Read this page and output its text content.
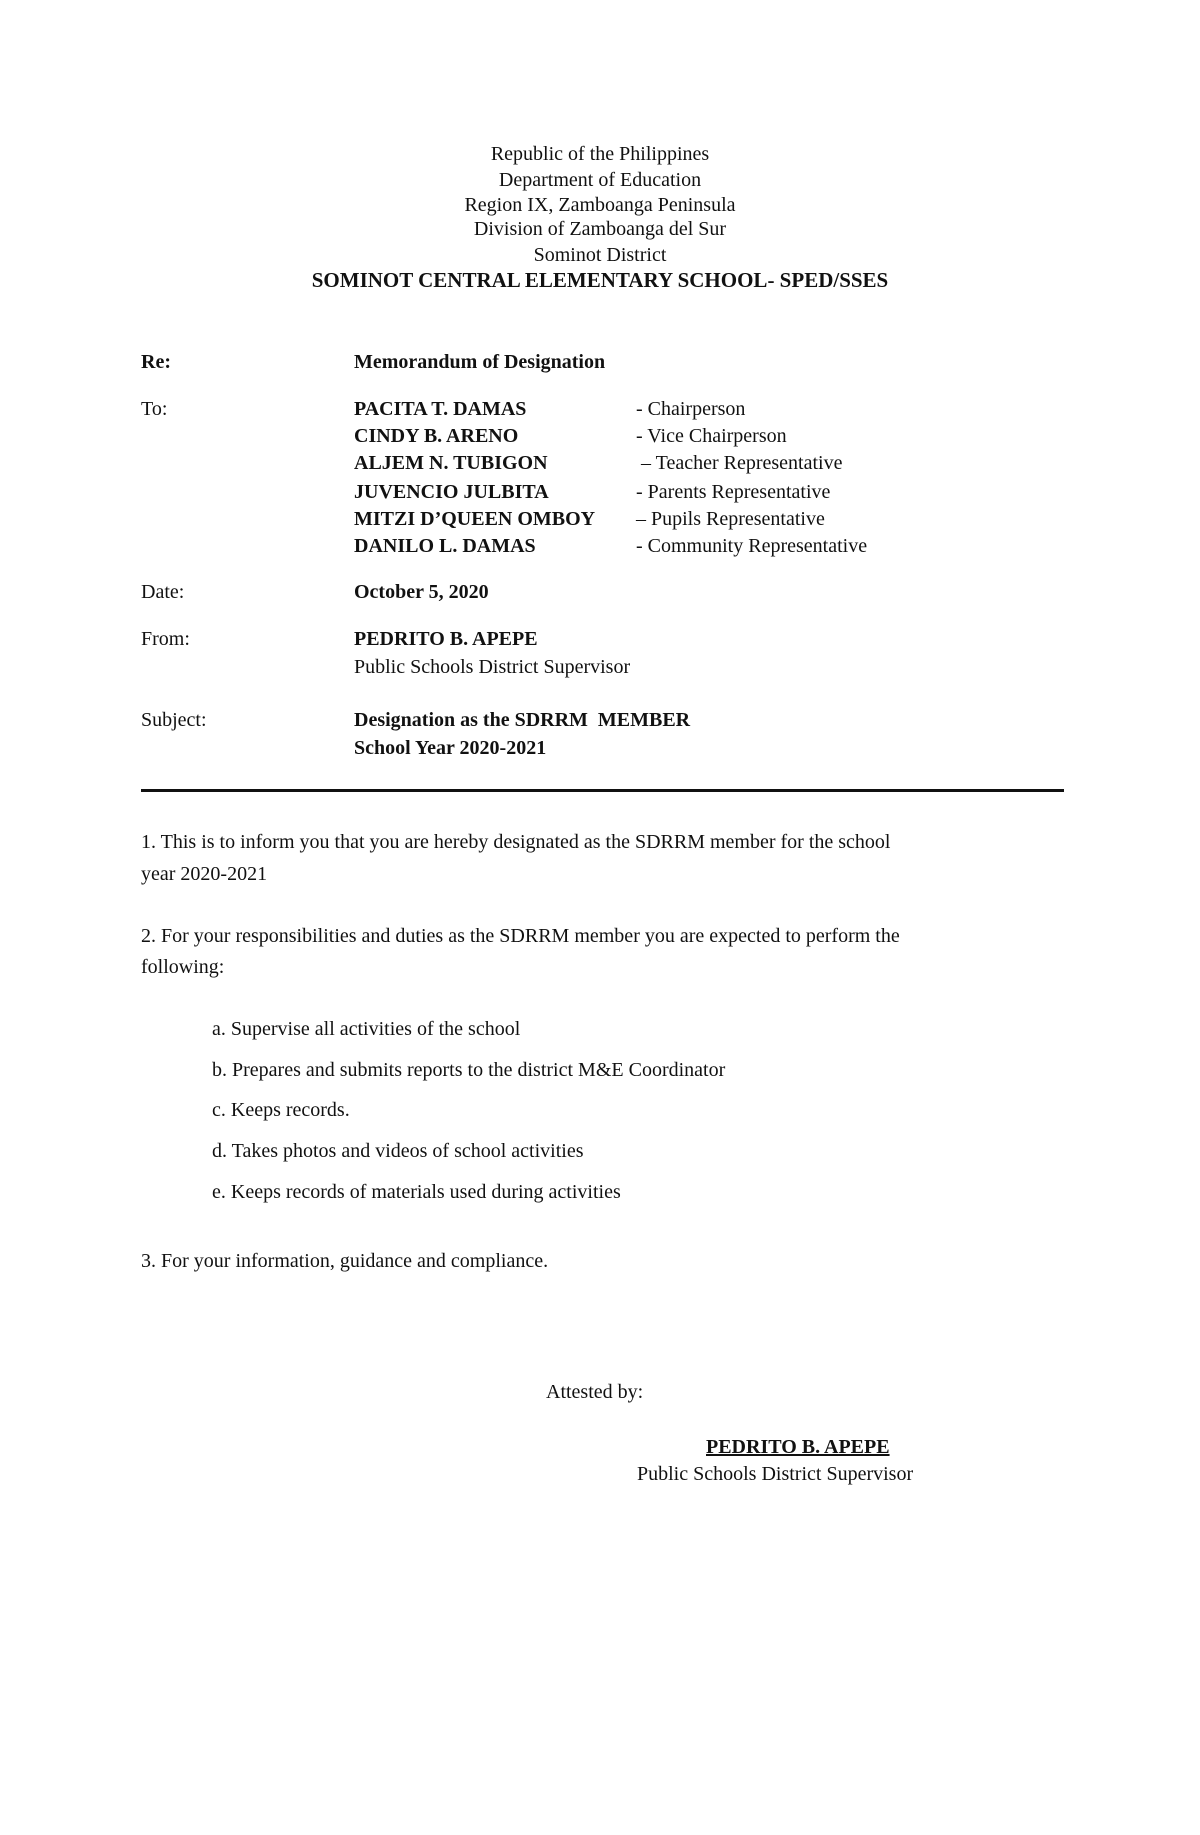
Republic of the Philippines
Department of Education
Region IX, Zamboanga Peninsula
Division of Zamboanga del Sur
Sominot District
SOMINOT CENTRAL ELEMENTARY SCHOOL- SPED/SSES
Re:	Memorandum of Designation
To:	PACITA T. DAMAS	- Chairperson
CINDY B. ARENO	- Vice Chairperson
ALJEM N. TUBIGON	– Teacher Representative
JUVENCIO JULBITA	- Parents Representative
MITZI D’QUEEN OMBOY – Pupils Representative
DANILO L. DAMAS	- Community Representative
Date:	October 5, 2020
From:	PEDRITO B. APEPE
Public Schools District Supervisor
Subject:	Designation as the SDRRM  MEMBER
School Year 2020-2021
1. This is to inform you that you are hereby designated as the SDRRM member for the school
year 2020-2021
2. For your responsibilities and duties as the SDRRM member you are expected to perform the
following:
a. Supervise all activities of the school
b. Prepares and submits reports to the district M&E Coordinator
c. Keeps records.
d. Takes photos and videos of school activities
e. Keeps records of materials used during activities
3. For your information, guidance and compliance.
Attested by:
PEDRITO B. APEPE
Public Schools District Supervisor
